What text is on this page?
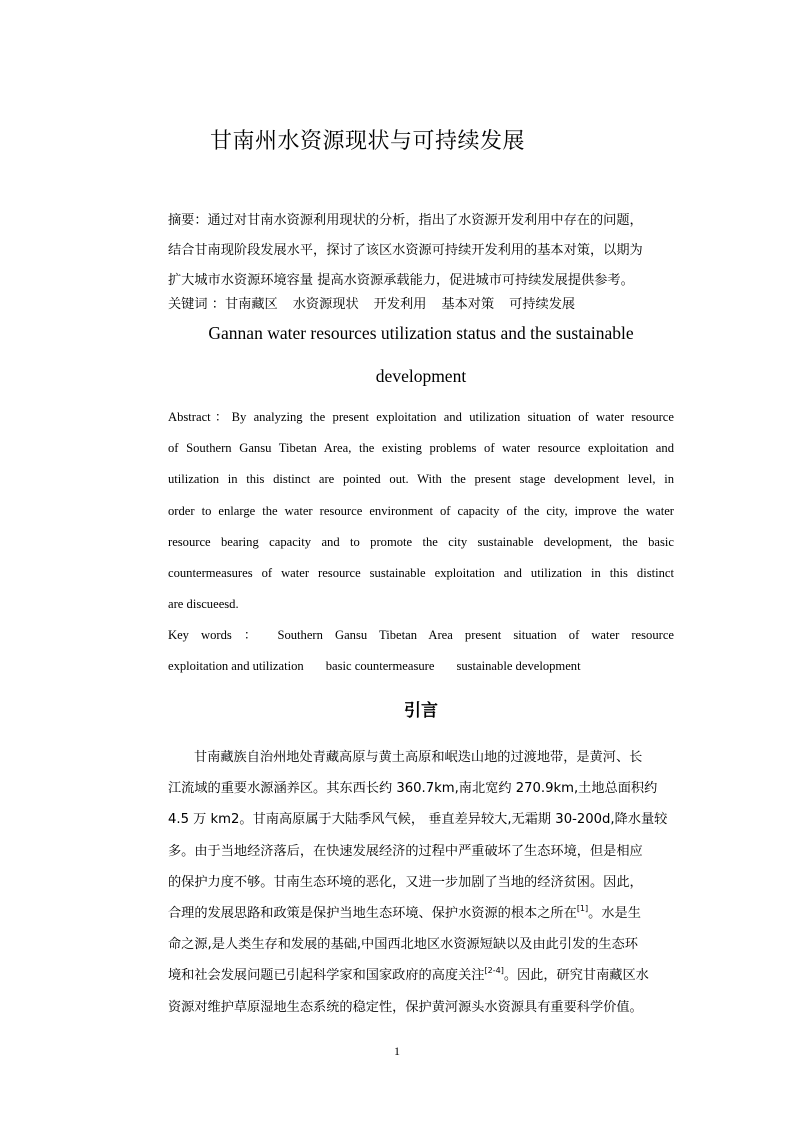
甘南州水资源现状与可持续发展
摘要：通过对甘南水资源利用现状的分析，指出了水资源开发利用中存在的问题，
结合甘南现阶段发展水平，探讨了该区水资源可持续开发利用的基本对策，以期为
扩大城市水资源环境容量 提高水资源承载能力，促进城市可持续发展提供参考。
关键词 ：甘南藏区 水资源现状 开发利用 基本对策 可持续发展
Gannan water resources utilization status and the sustainable
development
Abstract：By analyzing the present exploitation and utilization situation of water resource
of Southern Gansu Tibetan Area, the existing problems of water resource exploitation and
utilization in this distinct are pointed out. With the present stage development level, in
order to enlarge the water resource environment of capacity of the city, improve the water
resource bearing capacity and to promote the city sustainable development, the basic
countermeasures of water resource sustainable exploitation and utilization in this distinct
are discueesd.
Key words ： Southern Gansu Tibetan Area present situation of water resource
exploitation and utilization basic countermeasure sustainable development
引言
甘南藏族自治州地处青藏高原与黄土高原和岷迭山地的过渡地带，是黄河、长
江流域的重要水源涵养区。其东西长约 360.7km,南北宽约 270.9km,土地总面积约
4.5 万 km2。甘南高原属于大陆季风气候， 垂直差异较大,无霜期 30-200d,降水量较
多。由于当地经济落后，在快速发展经济的过程中严重破坏了生态环境，但是相应
的保护力度不够。甘南生态环境的恶化，又进一步加剧了当地的经济贫困。因此，
合理的发展思路和政策是保护当地生态环境、保护水资源的根本之所在[1]。水是生
命之源,是人类生存和发展的基础,中国西北地区水资源短缺以及由此引发的生态环
境和社会发展问题已引起科学家和国家政府的高度关注[2-4]。因此，研究甘南藏区水
资源对维护草原湿地生态系统的稳定性，保护黄河源头水资源具有重要科学价值。
1
